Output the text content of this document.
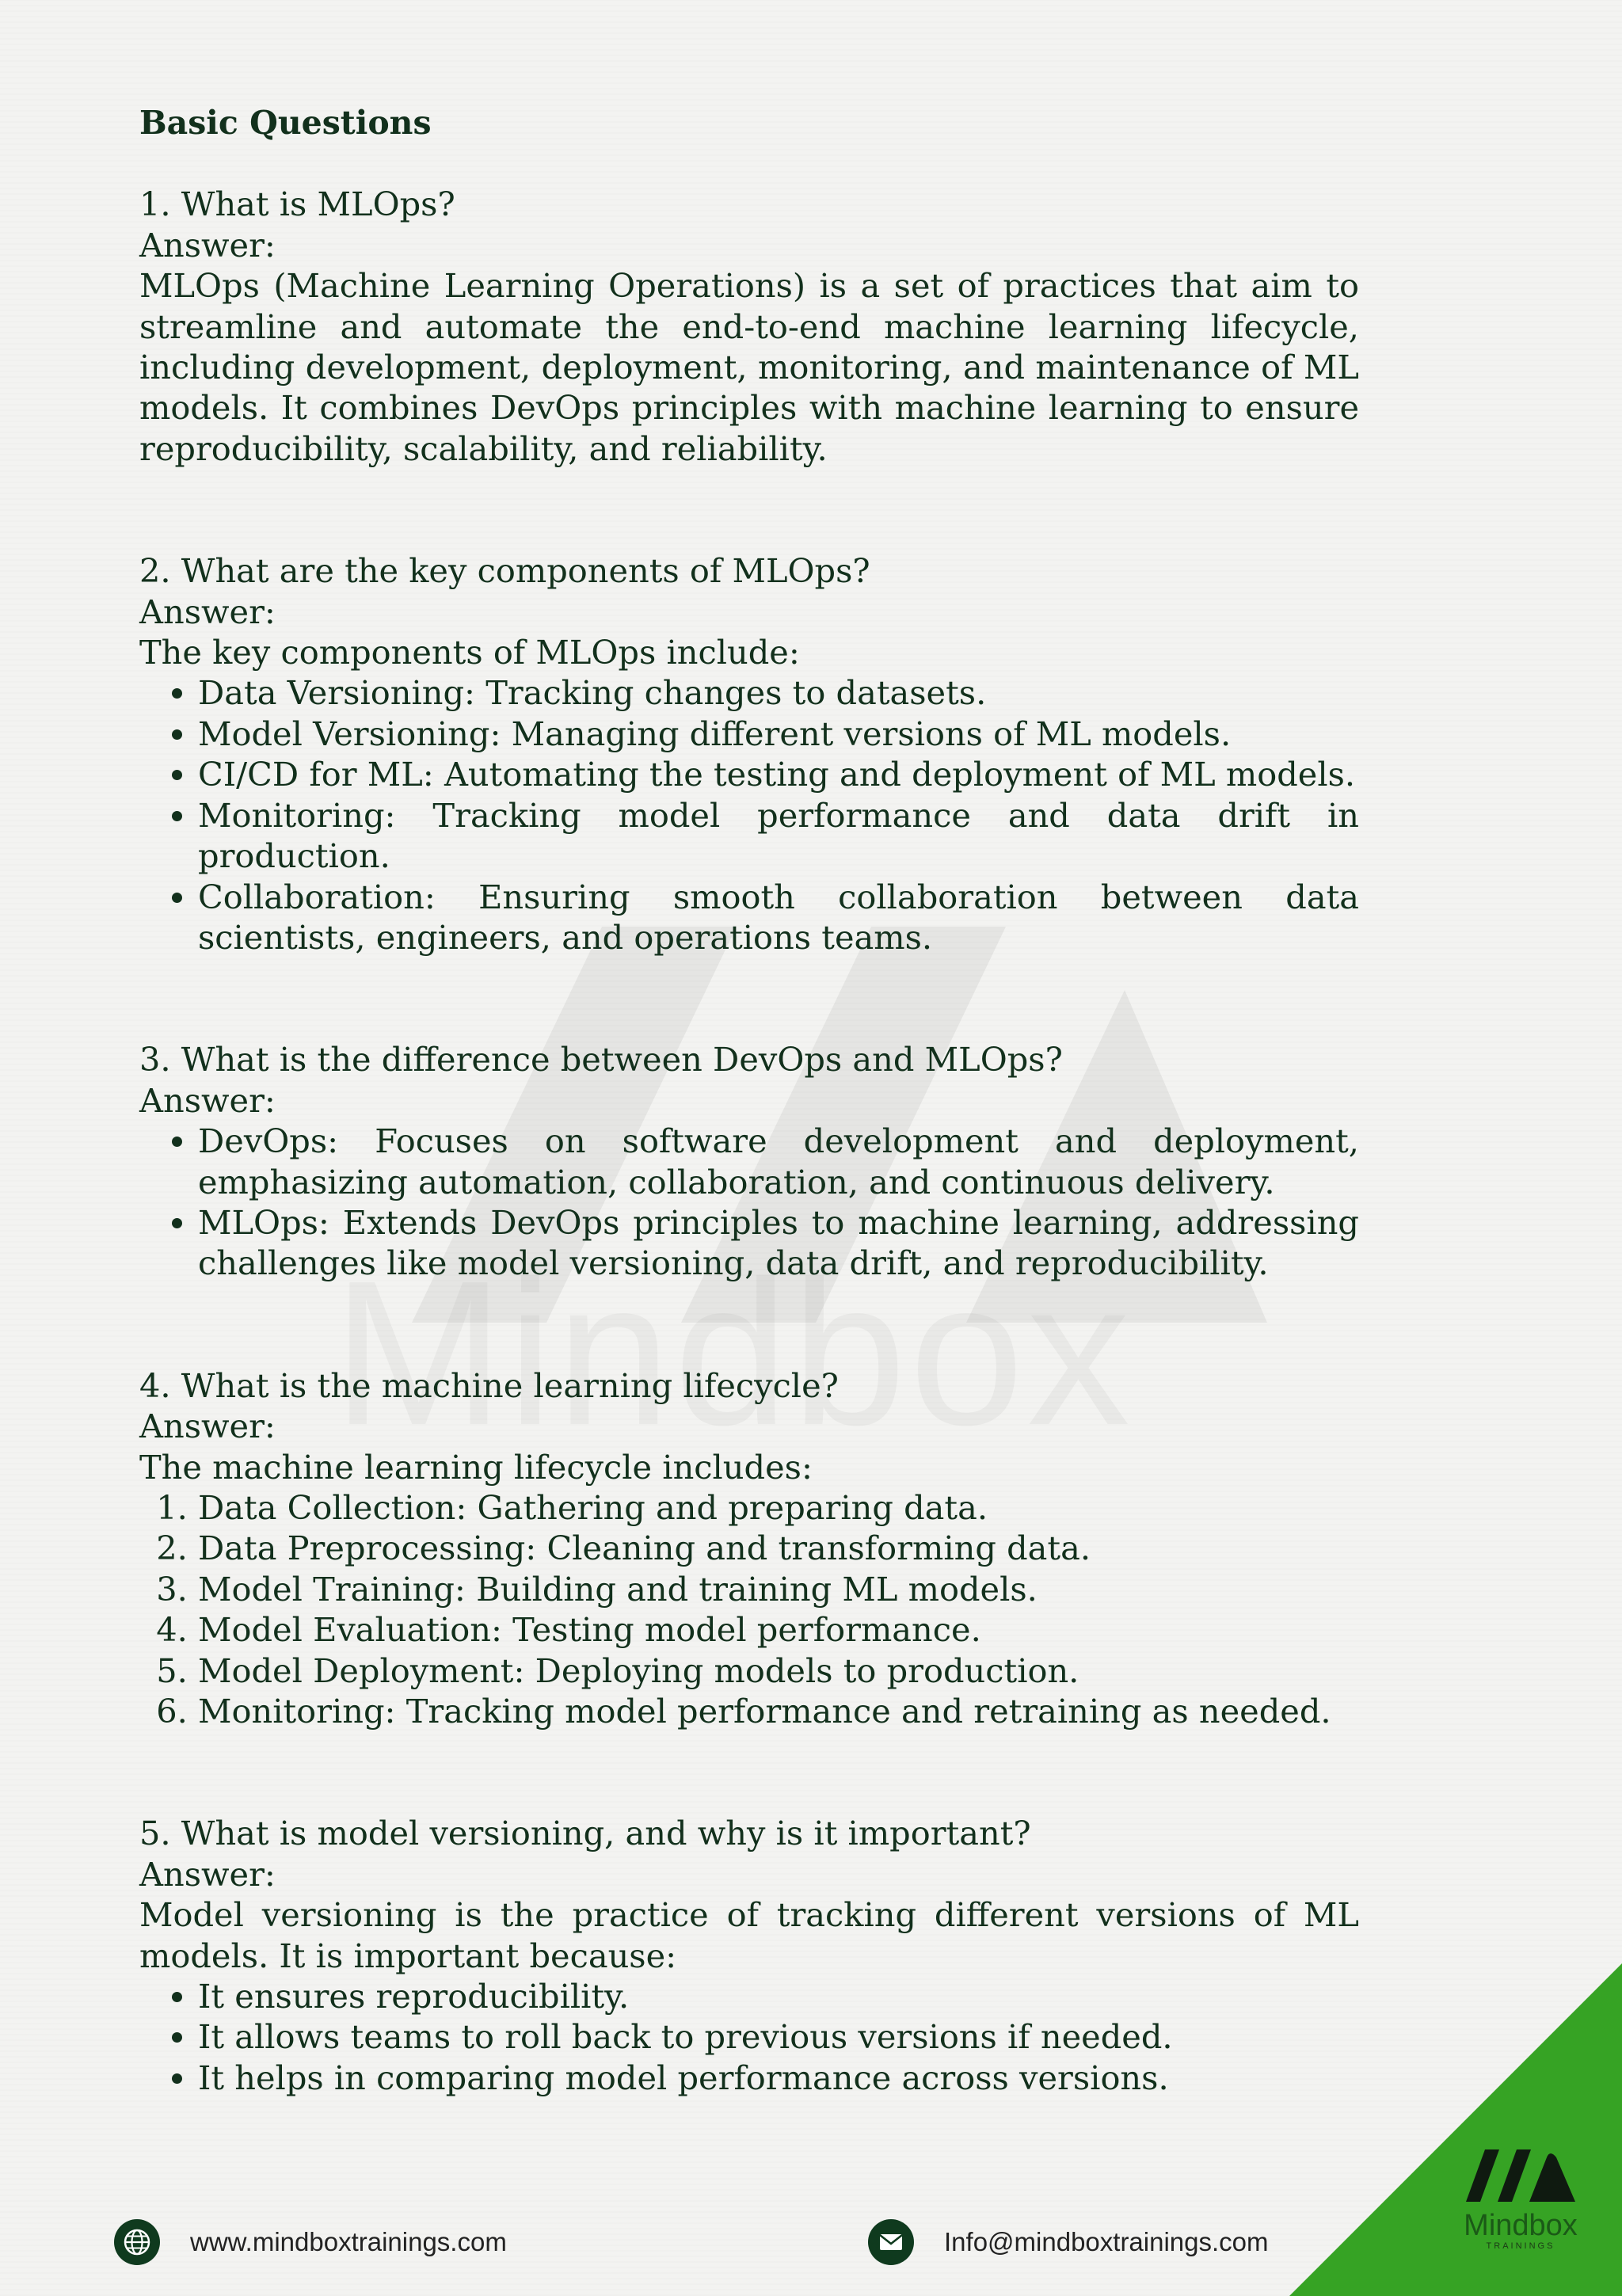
Basic Questions

1. What is MLOps?

Answer:

MLOps (Machine Learning Operations) is a set of practices that aim to streamline and automate the end-to-end machine learning lifecycle, including development, deployment, monitoring, and maintenance of ML models. It combines DevOps principles with machine learning to ensure reproducibility, scalability, and reliability.

2. What are the key components of MLOps?

Answer:

The key components of MLOps include:

• Data Versioning: Tracking changes to datasets.
• Model Versioning: Managing different versions of ML models.
• CI/CD for ML: Automating the testing and deployment of ML models.
• Monitoring: Tracking model performance and data drift in production.
• Collaboration: Ensuring smooth collaboration between data scientists, engineers, and operations teams.

3. What is the difference between DevOps and MLOps?

Answer:

• DevOps: Focuses on software development and deployment, emphasizing automation, collaboration, and continuous delivery.
• MLOps: Extends DevOps principles to machine learning, addressing challenges like model versioning, data drift, and reproducibility.

4. What is the machine learning lifecycle?

Answer:

The machine learning lifecycle includes:

1. Data Collection: Gathering and preparing data.
2. Data Preprocessing: Cleaning and transforming data.
3. Model Training: Building and training ML models.
4. Model Evaluation: Testing model performance.
5. Model Deployment: Deploying models to production.
6. Monitoring: Tracking model performance and retraining as needed.

5. What is model versioning, and why is it important?

Answer:

Model versioning is the practice of tracking different versions of ML models. It is important because:

• It ensures reproducibility.
• It allows teams to roll back to previous versions if needed.
• It helps in comparing model performance across versions.
www.mindboxtrainings.com	Info@mindboxtrainings.com	Mindbox
TRAININGS
